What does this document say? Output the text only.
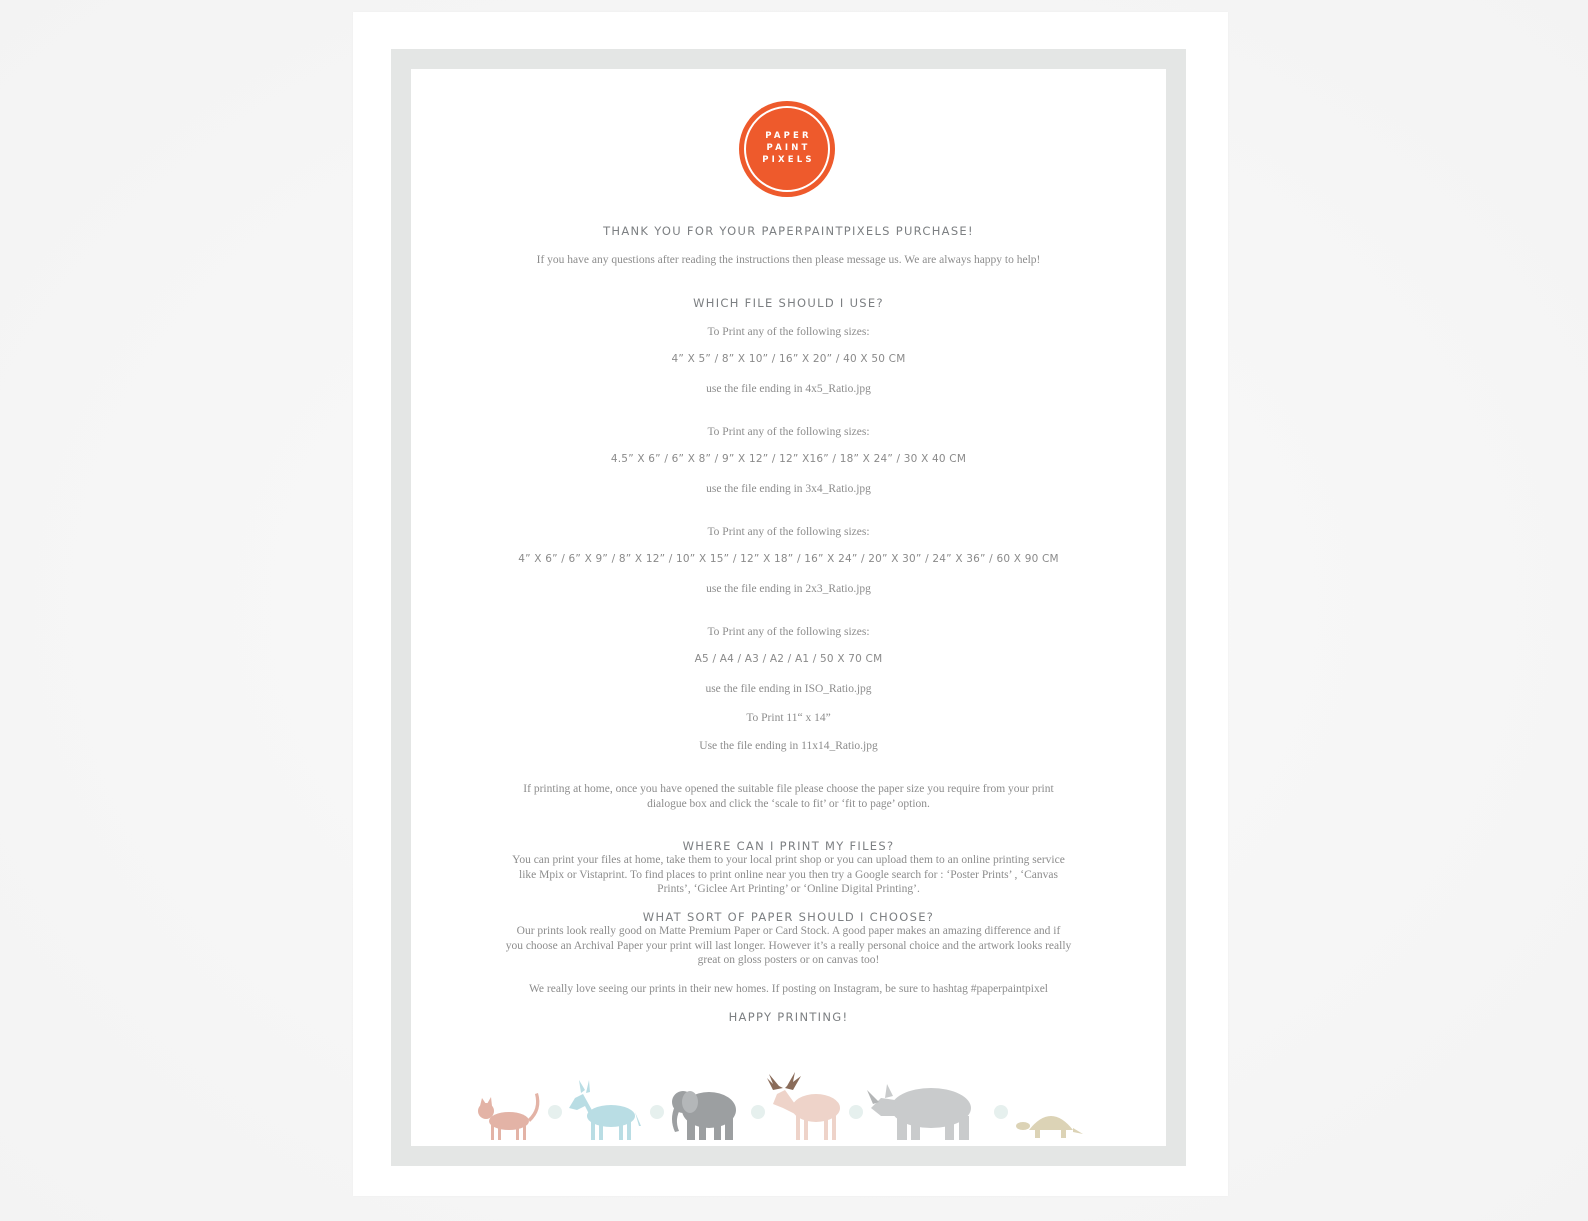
PAPER
PAINT
PIXELS
THANK YOU FOR YOUR PAPERPAINTPIXELS PURCHASE!
If you have any questions after reading the instructions then please message us. We are always happy to help!
WHICH FILE SHOULD I USE?
To Print any of the following sizes:
4” X 5” / 8” X 10” / 16” X 20” / 40 X 50 CM
use the file ending in 4x5_Ratio.jpg
To Print any of the following sizes:
4.5” X 6” / 6” X 8” / 9” X 12” / 12” X16” / 18” X 24” / 30 X 40 CM
use the file ending in 3x4_Ratio.jpg
To Print any of the following sizes:
4” X 6” / 6” X 9” / 8” X 12” / 10” X 15” / 12” X 18” / 16” X 24” / 20” X 30” / 24” X 36” / 60 X 90 CM
use the file ending in 2x3_Ratio.jpg
To Print any of the following sizes:
A5 / A4 / A3 / A2 / A1 / 50 X 70 CM
use the file ending in ISO_Ratio.jpg
To Print 11“ x 14”
Use the file ending in 11x14_Ratio.jpg
If printing at home, once you have opened the suitable file please choose the paper size you require from your print
dialogue box and click the ‘scale to fit’ or ‘fit to page’ option.
WHERE CAN I PRINT MY FILES?
You can print your files at home, take them to your local print shop or you can upload them to an online printing service
like Mpix or Vistaprint. To find places to print online near you then try a Google search for : ‘Poster Prints’ , ‘Canvas
Prints’, ‘Giclee Art Printing’ or ‘Online Digital Printing’.
WHAT SORT OF PAPER SHOULD I CHOOSE?
Our prints look really good on Matte Premium Paper or Card Stock. A good paper makes an amazing difference and if
you choose an Archival Paper your print will last longer. However it’s a really personal choice and the artwork looks really
great on gloss posters or on canvas too!
We really love seeing our prints in their new homes. If posting on Instagram, be sure to hashtag #paperpaintpixel
HAPPY PRINTING!
